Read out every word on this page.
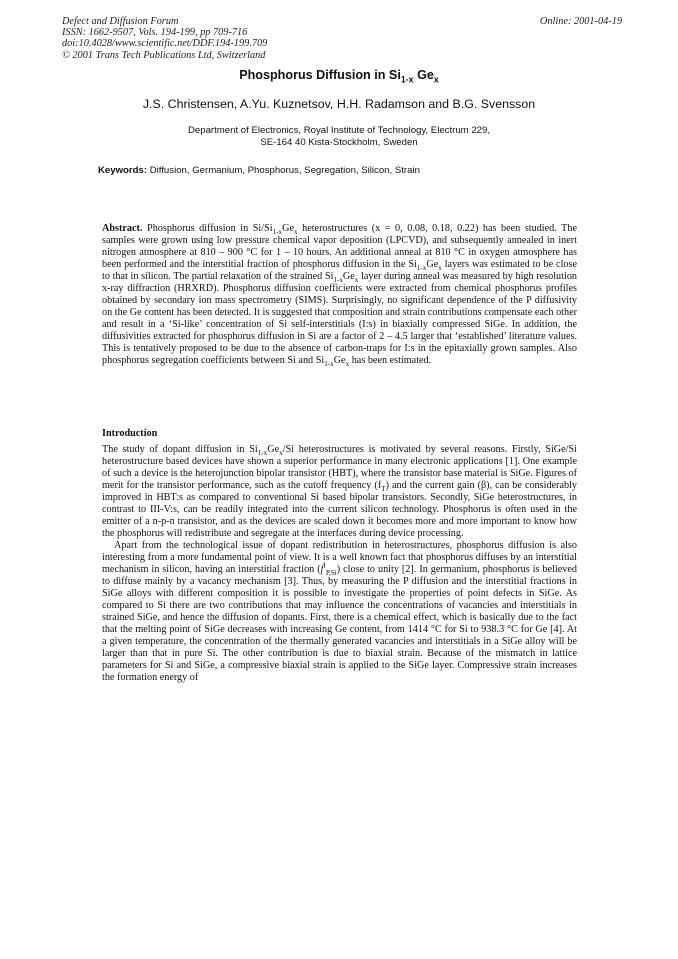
Defect and Diffusion Forum
ISSN: 1662-9507, Vols. 194-199, pp 709-716
doi:10.4028/www.scientific.net/DDF.194-199.709
© 2001 Trans Tech Publications Ltd, Switzerland
Online: 2001-04-19
Phosphorus Diffusion in $Si_{1-x}$ $Ge_x$
J.S. Christensen, A.Yu. Kuznetsov, H.H. Radamson and B.G. Svensson
Department of Electronics, Royal Institute of Technology, Electrum 229,
SE-164 40 Kista-Stockholm, Sweden
Keywords: Diffusion, Germanium, Phosphorus, Segregation, Silicon, Strain
Abstract. Phosphorus diffusion in $Si/Si_{1-x}Ge_x$ heterostructures (x = 0, 0.08, 0.18, 0.22) has been studied. The samples were grown using low pressure chemical vapor deposition (LPCVD), and subsequently annealed in inert nitrogen atmosphere at 810 – 900 °C for 1 – 10 hours. An additional anneal at 810 °C in oxygen atmosphere has been performed and the interstitial fraction of phosphorus diffusion in the $Si_{1-x}Ge_x$ layers was estimated to be close to that in silicon. The partial relaxation of the strained $Si_{1-x}Ge_x$ layer during anneal was measured by high resolution x-ray diffraction (HRXRD). Phosphorus diffusion coefficients were extracted from chemical phosphorus profiles obtained by secondary ion mass spectrometry (SIMS). Surprisingly, no significant dependence of the P diffusivity on the Ge content has been detected. It is suggested that composition and strain contributions compensate each other and result in a ‘Si-like’ concentration of Si self-interstitials (I:s) in biaxially compressed SiGe. In addition, the diffusivities extracted for phosphorus diffusion in Si are a factor of 2 – 4.5 larger that ‘established’ literature values. This is tentatively proposed to be due to the absence of carbon-traps for I:s in the epitaxially grown samples. Also phosphorus segregation coefficients between Si and $Si_{1-x}Ge_x$ has been estimated.
Introduction

The study of dopant diffusion in $Si_{1-x}Ge_x/Si$ heterostructures is motivated by several reasons. Firstly, SiGe/Si heterostructure based devices have shown a superior performance in many electronic applications [1]. One example of such a device is the heterojunction bipolar transistor (HBT), where the transistor base material is SiGe. Figures of merit for the transistor performance, such as the cutoff frequency $(f_T)$ and the current gain (β), can be considerably improved in HBT:s as compared to conventional Si based bipolar transistors. Secondly, SiGe heterostructures, in contrast to III-V:s, can be readily integrated into the current silicon technology. Phosphorus is often used in the emitter of a n-p-n transistor, and as the devices are scaled down it becomes more and more important to know how the phosphorus will redistribute and segregate at the interfaces during device processing.

Apart from the technological issue of dopant redistribution in heterostructures, phosphorus diffusion is also interesting from a more fundamental point of view. It is a well known fact that phosphorus diffuses by an interstitial mechanism in silicon, having an interstitial fraction $(f^I_{P,Si})$ close to unity [2]. In germanium, phosphorus is believed to diffuse mainly by a vacancy mechanism [3]. Thus, by measuring the P diffusion and the interstitial fractions in SiGe alloys with different composition it is possible to investigate the properties of point defects in SiGe. As compared to Si there are two contributions that may influence the concentrations of vacancies and interstitials in strained SiGe, and hence the diffusion of dopants. First, there is a chemical effect, which is basically due to the fact that the melting point of SiGe decreases with increasing Ge content, from 1414 °C for Si to 938.3 °C for Ge [4]. At a given temperature, the concentration of the thermally generated vacancies and interstitials in a SiGe alloy will be larger than that in pure Si. The other contribution is due to biaxial strain. Because of the mismatch in lattice parameters for Si and SiGe, a compressive biaxial strain is applied to the SiGe layer. Compressive strain increases the formation energy of
